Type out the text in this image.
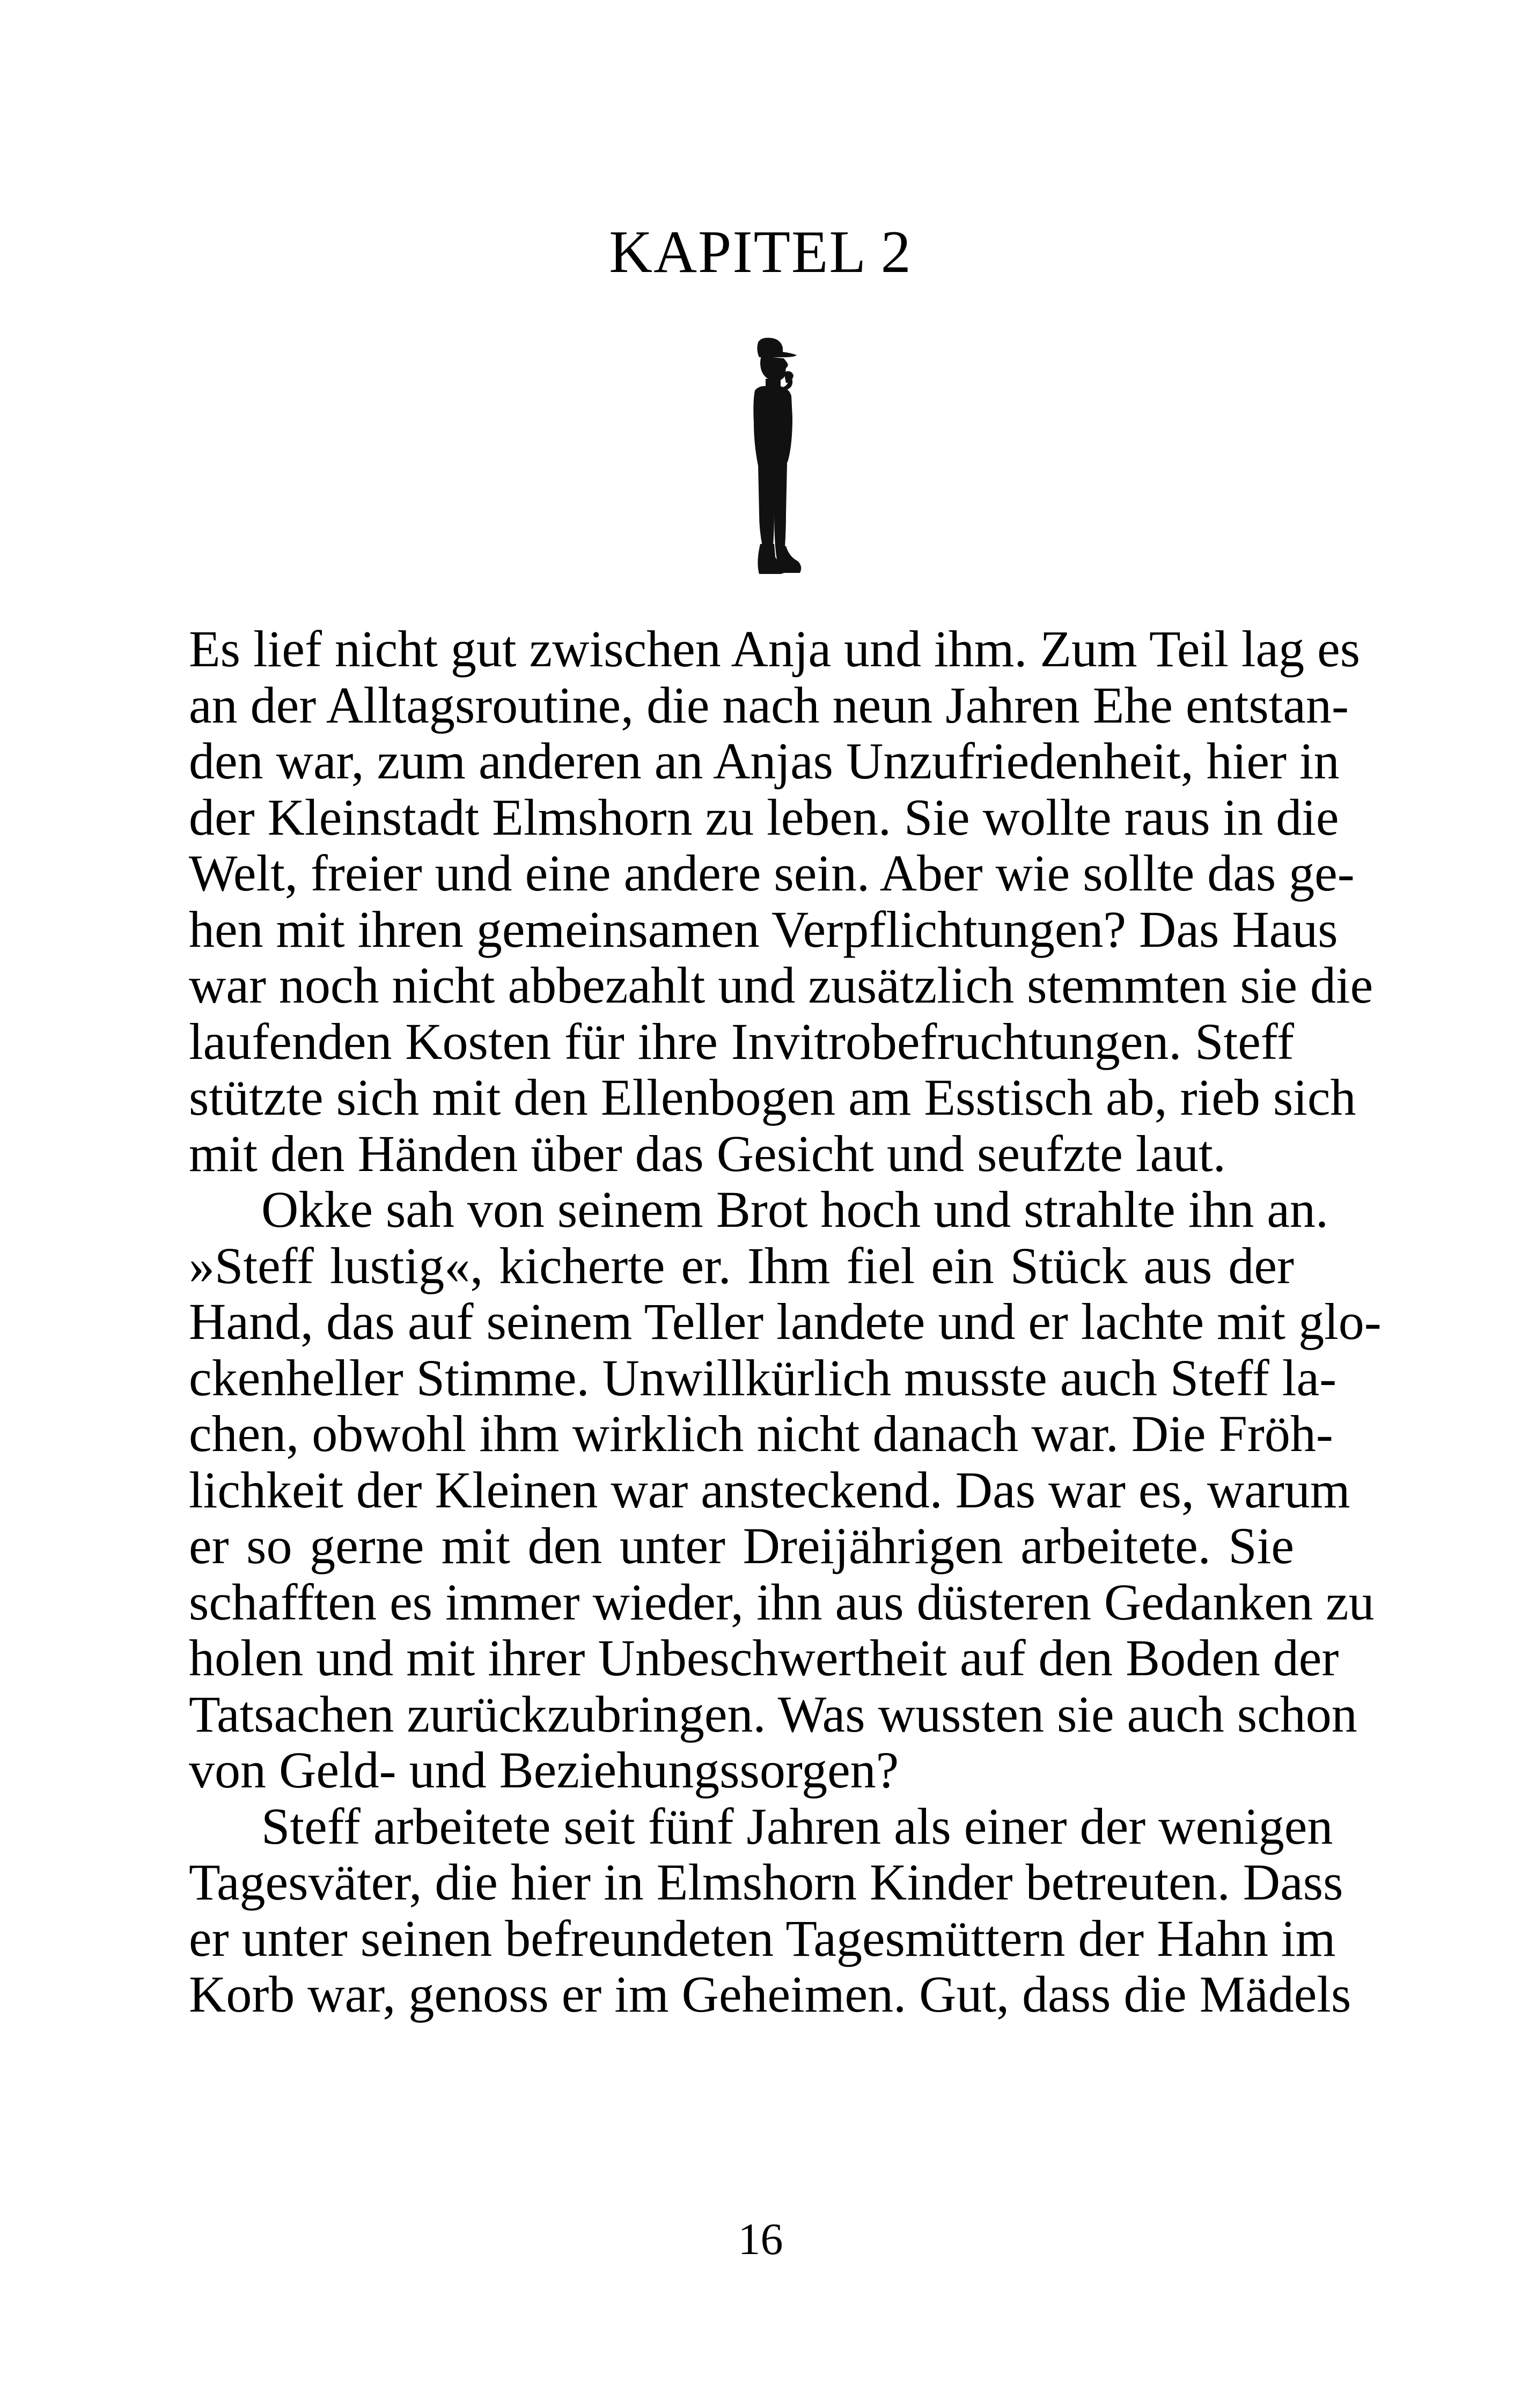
KAPITEL 2
Es lief nicht gut zwischen Anja und ihm. Zum Teil lag es
an der Alltagsroutine, die nach neun Jahren Ehe entstan-
den war, zum anderen an Anjas Unzufriedenheit, hier in
der Kleinstadt Elmshorn zu leben. Sie wollte raus in die
Welt, freier und eine andere sein. Aber wie sollte das ge-
hen mit ihren gemeinsamen Verpflichtungen? Das Haus
war noch nicht abbezahlt und zusätzlich stemmten sie die
laufenden Kosten für ihre Invitrobefruchtungen. Steff
stützte sich mit den Ellenbogen am Esstisch ab, rieb sich
mit den Händen über das Gesicht und seufzte laut.
Okke sah von seinem Brot hoch und strahlte ihn an.
»Steff lustig«, kicherte er. Ihm fiel ein Stück aus der
Hand, das auf seinem Teller landete und er lachte mit glo-
ckenheller Stimme. Unwillkürlich musste auch Steff la-
chen, obwohl ihm wirklich nicht danach war. Die Fröh-
lichkeit der Kleinen war ansteckend. Das war es, warum
er so gerne mit den unter Dreijährigen arbeitete. Sie
schafften es immer wieder, ihn aus düsteren Gedanken zu
holen und mit ihrer Unbeschwertheit auf den Boden der
Tatsachen zurückzubringen. Was wussten sie auch schon
von Geld- und Beziehungssorgen?
Steff arbeitete seit fünf Jahren als einer der wenigen
Tagesväter, die hier in Elmshorn Kinder betreuten. Dass
er unter seinen befreundeten Tagesmüttern der Hahn im
Korb war, genoss er im Geheimen. Gut, dass die Mädels
16
